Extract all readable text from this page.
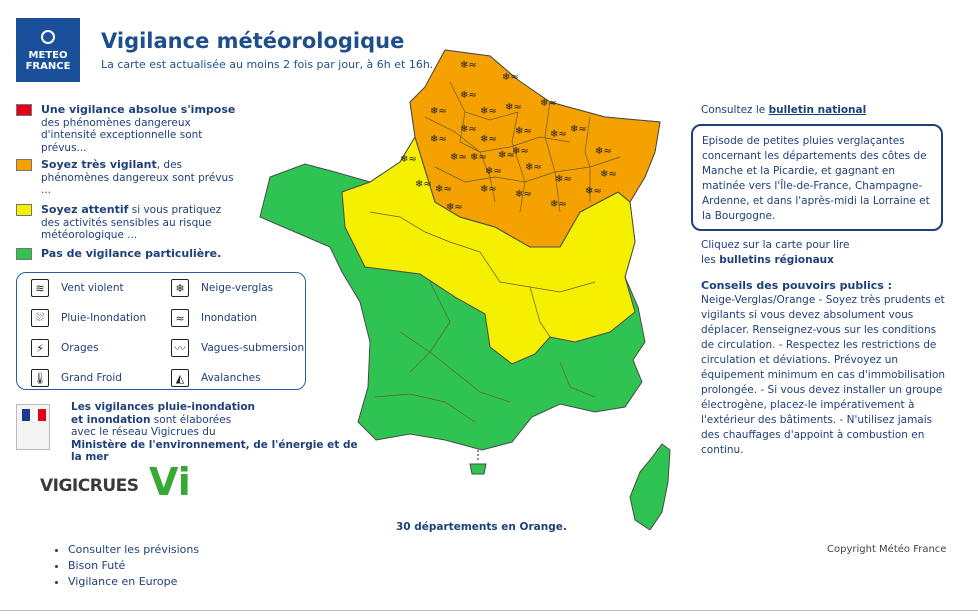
METEO
FRANCE
Vigilance météorologique
La carte est actualisée au moins 2 fois par jour, à 6h et 16h.
Une vigilance absolue s'impose
des phénomènes dangereux d'intensité exceptionnelle sont prévus...
Soyez très vigilant, des phénomènes dangereux sont prévus ...
Soyez attentif si vous pratiquez des activités sensibles au risque météorologique ...
Pas de vigilance particulière.
≋	Vent violent	❄	Neige-verglas
⛆	Pluie-Inondation	≈	Inondation
⚡	Orages	〰	Vagues-submersion
🌡 Grand Froid	◭	Avalanches
Les vigilances pluie-inondation
et inondation sont élaborées
avec le réseau Vigicrues du
Ministère de l'environnement, de l'énergie et de la mer
VIGICRUES Vi
• Consulter les prévisions
• Bison Futé
• Vigilance en Europe
❄≈
❄≈
❄≈
❄≈
❄≈ ❄≈ ❄≈
❄≈	❄≈
❄≈
❄≈	❄≈
❄≈
❄≈ ❄≈
❄≈
❄≈
❄≈
❄≈
❄≈
❄≈	❄≈
❄≈
❄≈ ❄≈
❄≈
❄≈
❄≈
❄≈
❄≈
30 départements en Orange.
Consultez le bulletin national
Episode de petites pluies verglaçantes concernant les départements des côtes de Manche et la Picardie, et gagnant en matinée vers l'Île-de-France, Champagne-Ardenne, et dans l'après-midi la Lorraine et la Bourgogne.
Cliquez sur la carte pour lire
les bulletins régionaux
Conseils des pouvoirs publics :
Neige-Verglas/Orange - Soyez très prudents et vigilants si vous devez absolument vous déplacer. Renseignez-vous sur les conditions de circulation. - Respectez les restrictions de circulation et déviations. Prévoyez un équipement minimum en cas d'immobilisation prolongée. - Si vous devez installer un groupe électrogène, placez-le impérativement à l'extérieur des bâtiments. - N'utilisez jamais des chauffages d'appoint à combustion en continu.
Copyright Météo France
